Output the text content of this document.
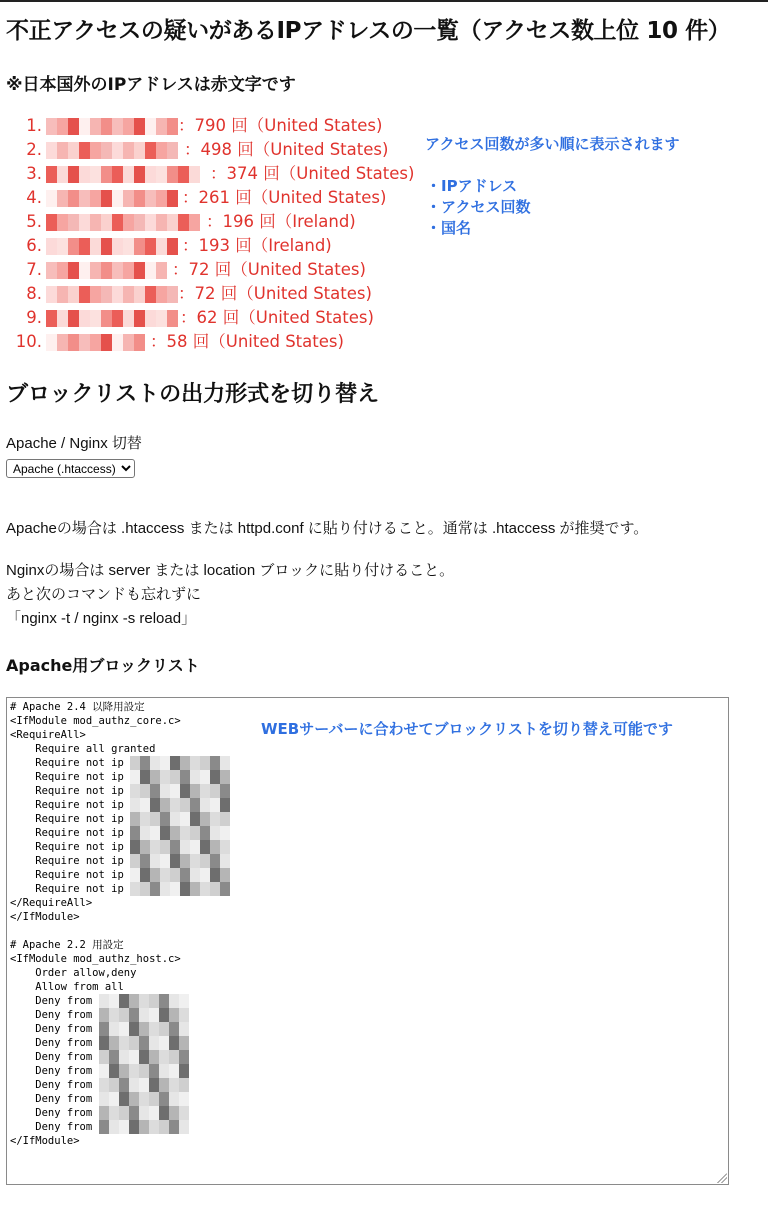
不正アクセスの疑いがあるIPアドレスの一覧（アクセス数上位 10 件）

※日本国外のIPアドレスは赤文字です

1.	：790 回（United States)
2.	：498 回（United States)
3.	：374 回（United States)
4.	：261 回（United States)
5.	：196 回（Ireland)
6.	：193 回（Ireland)
7.	：72 回（United States)
8.	：72 回（United States)
9.	：62 回（United States)
10.	：58 回（United States)
アクセス回数が多い順に表示されます
・IPアドレス
・アクセス回数
・国名
ブロックリストの出力形式を切り替え
Apache / Nginx 切替
Apache (.htaccess)

Apacheの場合は .htaccess または httpd.conf に貼り付けること。通常は .htaccess が推奨です。

Nginxの場合は server または location ブロックに貼り付けること。

あと次のコマンドも忘れずに

「nginx -t / nginx -s reload」

Apache用ブロックリスト
# Apache 2.4 以降用設定
<IfModule mod_authz_core.c>
<RequireAll>
Require all granted
Require not ip
Require not ip
Require not ip
Require not ip
Require not ip
Require not ip
Require not ip
Require not ip
Require not ip
Require not ip
</RequireAll>
</IfModule>
# Apache 2.2 用設定
<IfModule mod_authz_host.c>
Order allow,deny
Allow from all
Deny from
Deny from
Deny from
Deny from
Deny from
Deny from
Deny from
Deny from
Deny from
Deny from
</IfModule>
WEBサーバーに合わせてブロックリストを切り替え可能です
